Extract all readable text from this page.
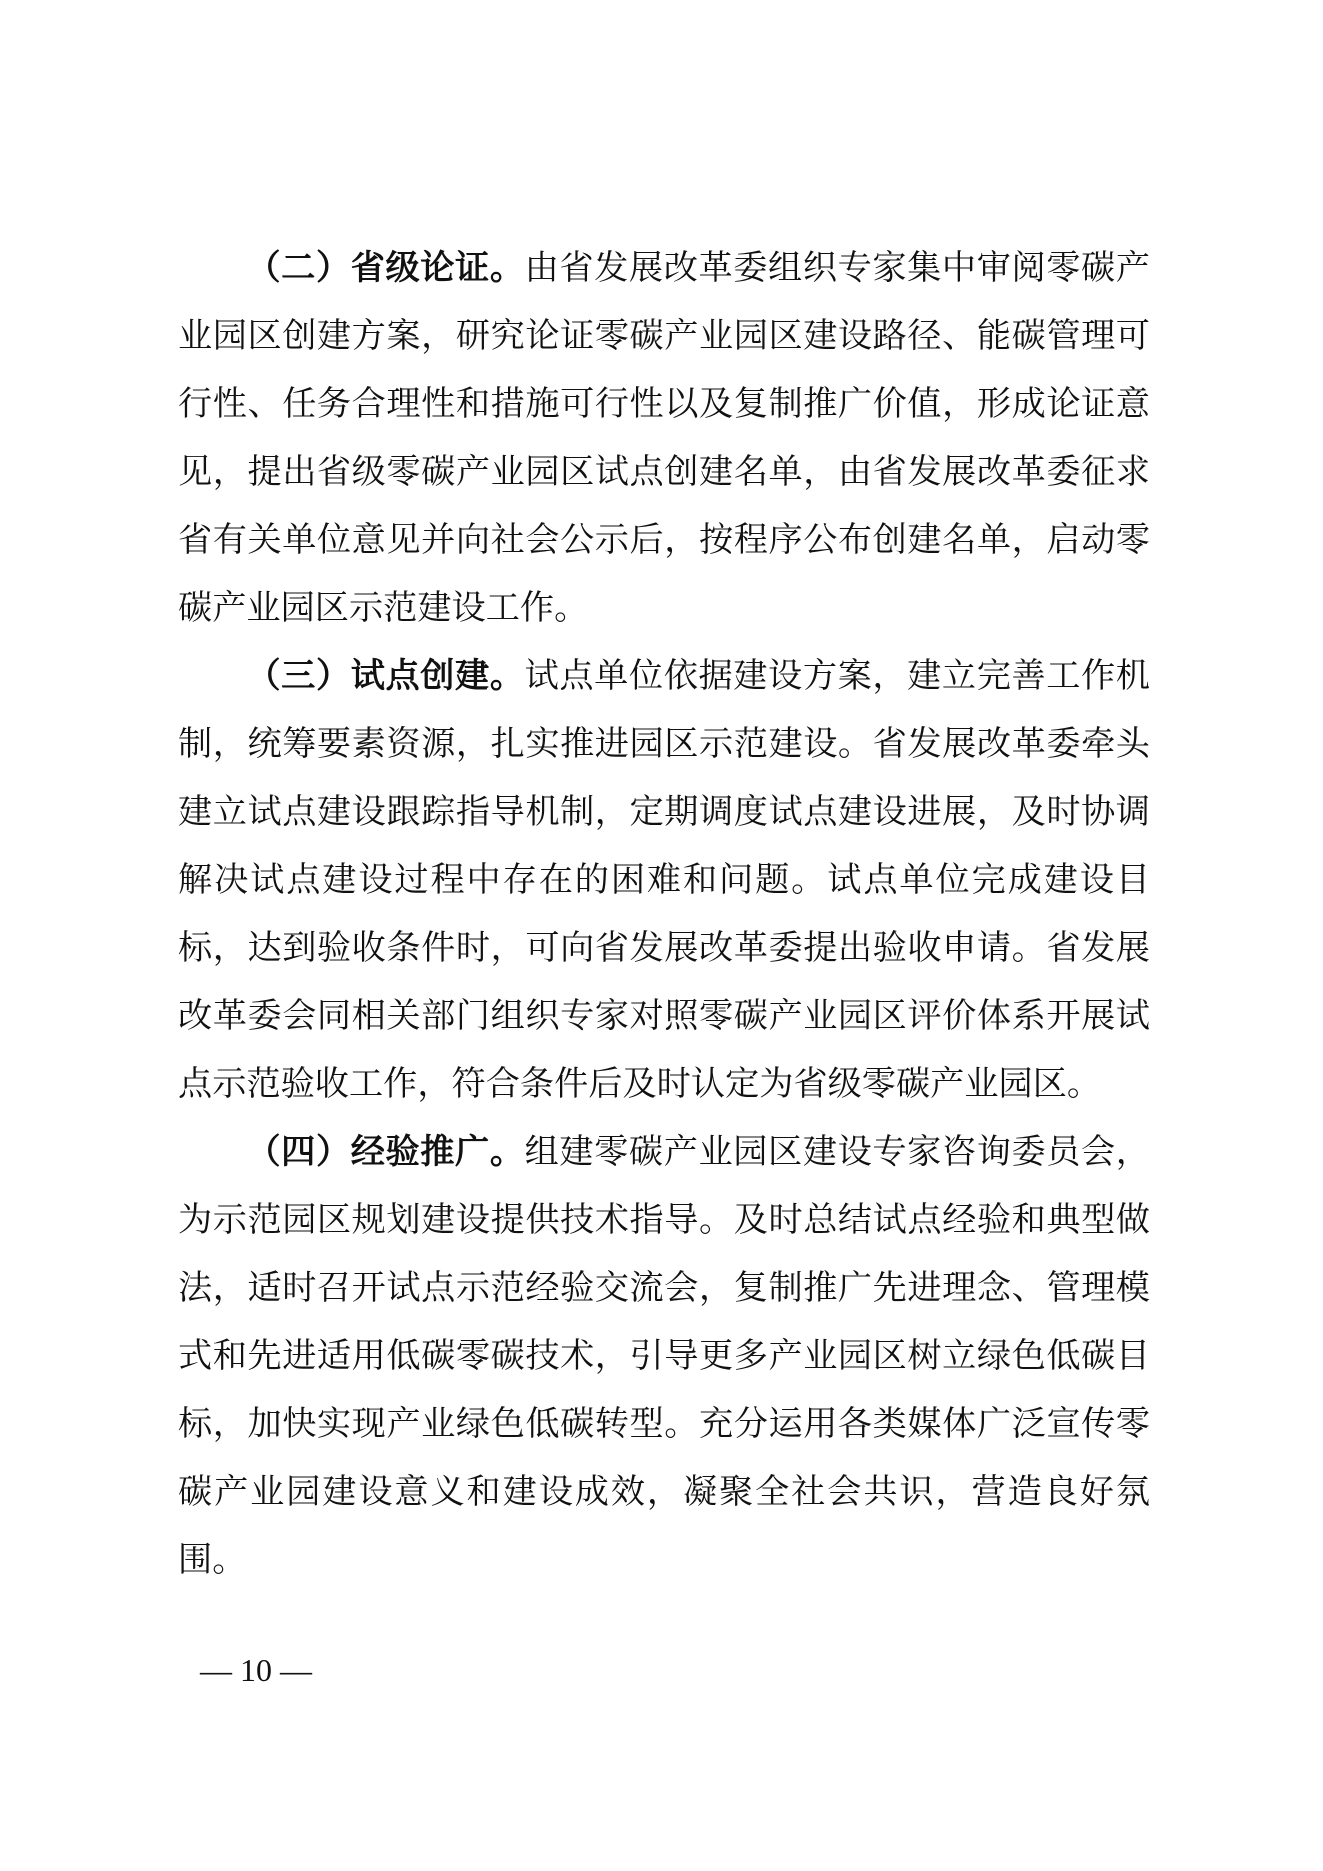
（二）省级论证。由省发展改革委组织专家集中审阅零碳产业园区创建方案，研究论证零碳产业园区建设路径、能碳管理可行性、任务合理性和措施可行性以及复制推广价值，形成论证意见，提出省级零碳产业园区试点创建名单，由省发展改革委征求省有关单位意见并向社会公示后，按程序公布创建名单，启动零碳产业园区示范建设工作。

（三）试点创建。试点单位依据建设方案，建立完善工作机制，统筹要素资源，扎实推进园区示范建设。省发展改革委牵头建立试点建设跟踪指导机制，定期调度试点建设进展，及时协调解决试点建设过程中存在的困难和问题。试点单位完成建设目标，达到验收条件时，可向省发展改革委提出验收申请。省发展改革委会同相关部门组织专家对照零碳产业园区评价体系开展试点示范验收工作，符合条件后及时认定为省级零碳产业园区。

（四）经验推广。组建零碳产业园区建设专家咨询委员会，为示范园区规划建设提供技术指导。及时总结试点经验和典型做法，适时召开试点示范经验交流会，复制推广先进理念、管理模式和先进适用低碳零碳技术，引导更多产业园区树立绿色低碳目标，加快实现产业绿色低碳转型。充分运用各类媒体广泛宣传零碳产业园建设意义和建设成效，凝聚全社会共识，营造良好氛围。

— 10 —
